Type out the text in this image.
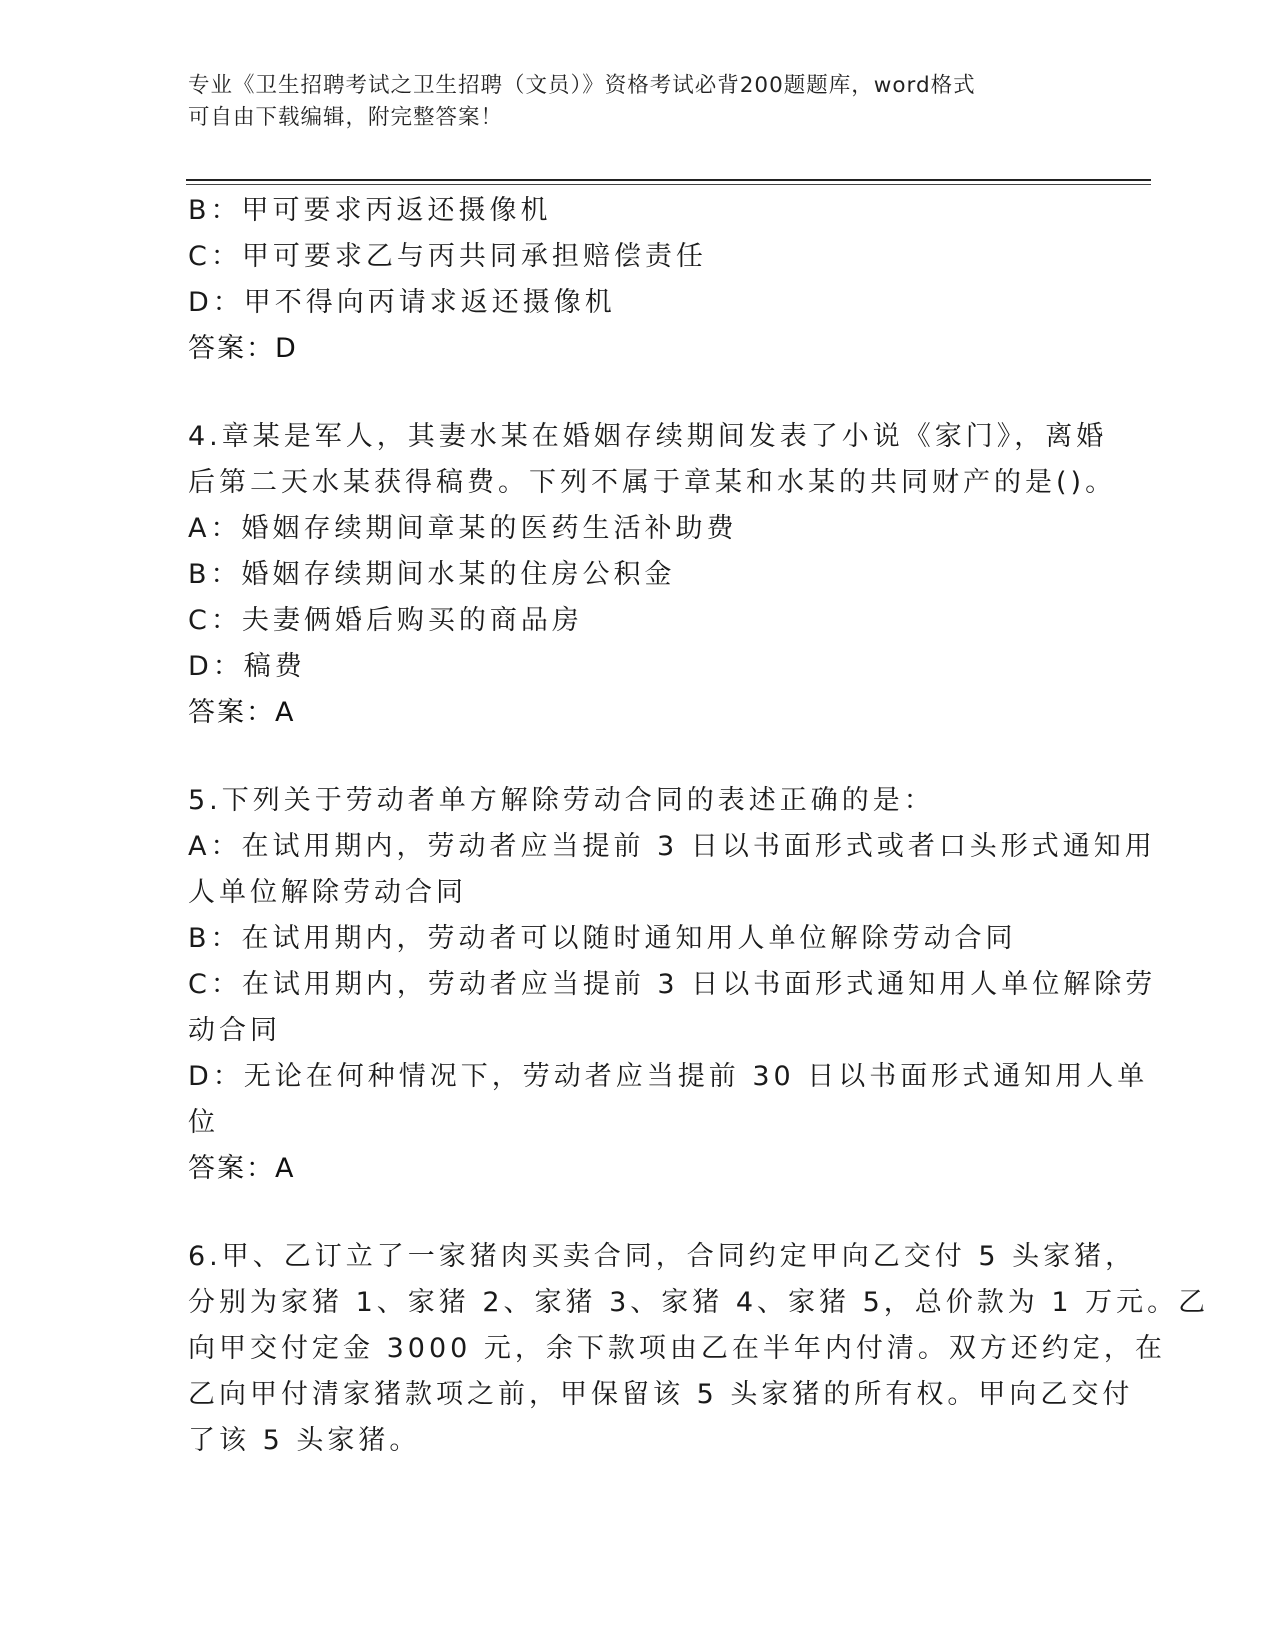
专业《卫生招聘考试之卫生招聘（文员）》资格考试必背200题题库，word格式
可自由下载编辑，附完整答案！

B：甲可要求丙返还摄像机

C：甲可要求乙与丙共同承担赔偿责任

D：甲不得向丙请求返还摄像机

答案：D

4.章某是军人，其妻水某在婚姻存续期间发表了小说《家门》，离婚

后第二天水某获得稿费。下列不属于章某和水某的共同财产的是()。

A：婚姻存续期间章某的医药生活补助费

B：婚姻存续期间水某的住房公积金

C：夫妻俩婚后购买的商品房

D：稿费

答案：A

5.下列关于劳动者单方解除劳动合同的表述正确的是：

A：在试用期内，劳动者应当提前 3 日以书面形式或者口头形式通知用

人单位解除劳动合同

B：在试用期内，劳动者可以随时通知用人单位解除劳动合同

C：在试用期内，劳动者应当提前 3 日以书面形式通知用人单位解除劳

动合同

D：无论在何种情况下，劳动者应当提前 30 日以书面形式通知用人单

位

答案：A

6.甲、乙订立了一家猪肉买卖合同，合同约定甲向乙交付 5 头家猪，

分别为家猪 1、家猪 2、家猪 3、家猪 4、家猪 5，总价款为 1 万元。乙

向甲交付定金 3000 元，余下款项由乙在半年内付清。双方还约定，在

乙向甲付清家猪款项之前，甲保留该 5 头家猪的所有权。甲向乙交付

了该 5 头家猪。
